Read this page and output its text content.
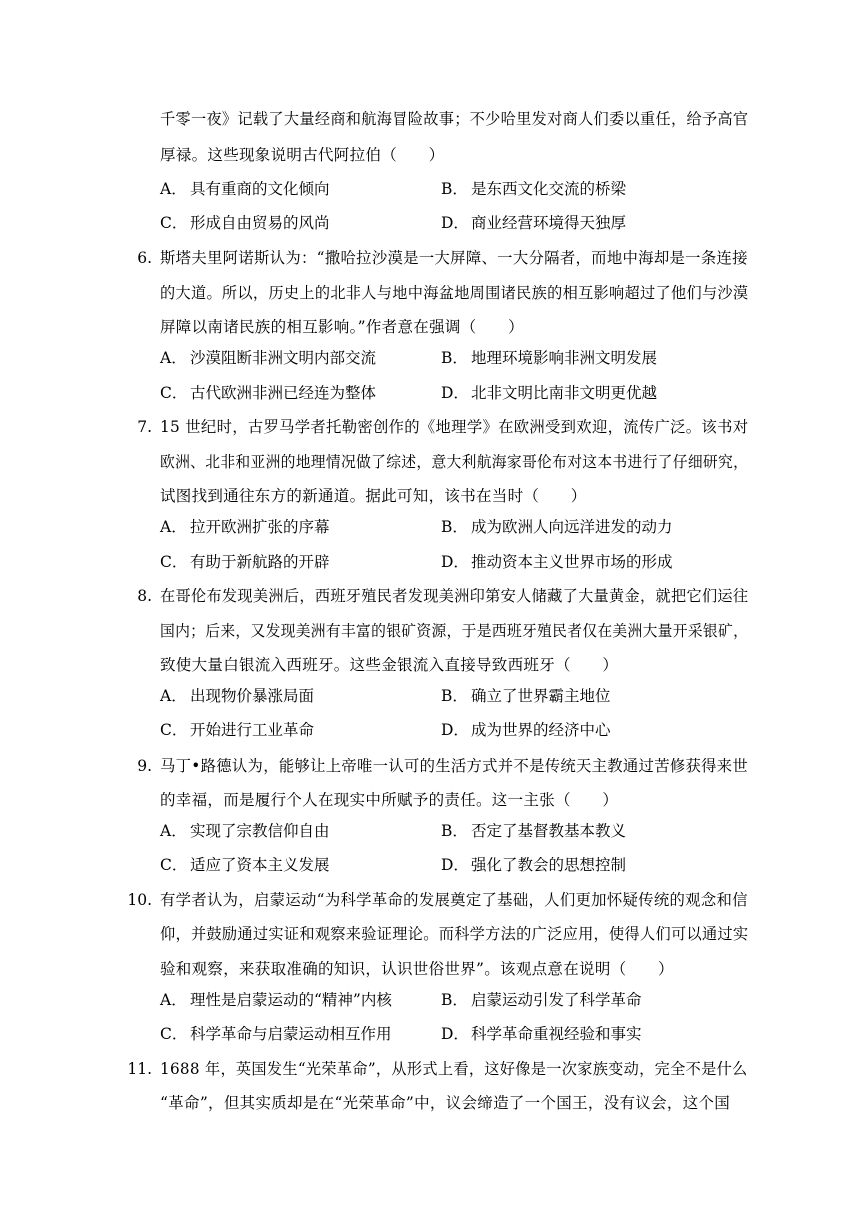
千零一夜》记载了大量经商和航海冒险故事；不少哈里发对商人们委以重任，给予高官
厚禄。这些现象说明古代阿拉伯（　　）
A． 具有重商的文化倾向	B． 是东西文化交流的桥梁
C． 形成自由贸易的风尚	D． 商业经营环境得天独厚
6. 斯塔夫里阿诺斯认为：“撒哈拉沙漠是一大屏障、一大分隔者，而地中海却是一条连接
的大道。所以，历史上的北非人与地中海盆地周围诸民族的相互影响超过了他们与沙漠
屏障以南诸民族的相互影响。”作者意在强调（　　）
A． 沙漠阻断非洲文明内部交流	B． 地理环境影响非洲文明发展
C． 古代欧洲非洲已经连为整体	D． 北非文明比南非文明更优越
7. 15 世纪时，古罗马学者托勒密创作的《地理学》在欧洲受到欢迎，流传广泛。该书对
欧洲、北非和亚洲的地理情况做了综述，意大利航海家哥伦布对这本书进行了仔细研究，
试图找到通往东方的新通道。据此可知，该书在当时（　　）
A． 拉开欧洲扩张的序幕	B． 成为欧洲人向远洋进发的动力
C． 有助于新航路的开辟	D． 推动资本主义世界市场的形成
8. 在哥伦布发现美洲后，西班牙殖民者发现美洲印第安人储藏了大量黄金，就把它们运往
国内；后来，又发现美洲有丰富的银矿资源，于是西班牙殖民者仅在美洲大量开采银矿，
致使大量白银流入西班牙。这些金银流入直接导致西班牙（　　）
A． 出现物价暴涨局面	B． 确立了世界霸主地位
C． 开始进行工业革命	D． 成为世界的经济中心
9. 马丁•路德认为，能够让上帝唯一认可的生活方式并不是传统天主教通过苦修获得来世
的幸福，而是履行个人在现实中所赋予的责任。这一主张（　　）
A． 实现了宗教信仰自由	B． 否定了基督教基本教义
C． 适应了资本主义发展	D． 强化了教会的思想控制
10. 有学者认为，启蒙运动“为科学革命的发展奠定了基础，人们更加怀疑传统的观念和信
仰，并鼓励通过实证和观察来验证理论。而科学方法的广泛应用，使得人们可以通过实
验和观察，来获取准确的知识，认识世俗世界”。该观点意在说明（　　）
A． 理性是启蒙运动的“精神”内核	B． 启蒙运动引发了科学革命
C． 科学革命与启蒙运动相互作用	D． 科学革命重视经验和事实
11. 1688 年，英国发生“光荣革命”，从形式上看，这好像是一次家族变动，完全不是什么
“革命”，但其实质却是在“光荣革命”中，议会缔造了一个国王，没有议会，这个国
